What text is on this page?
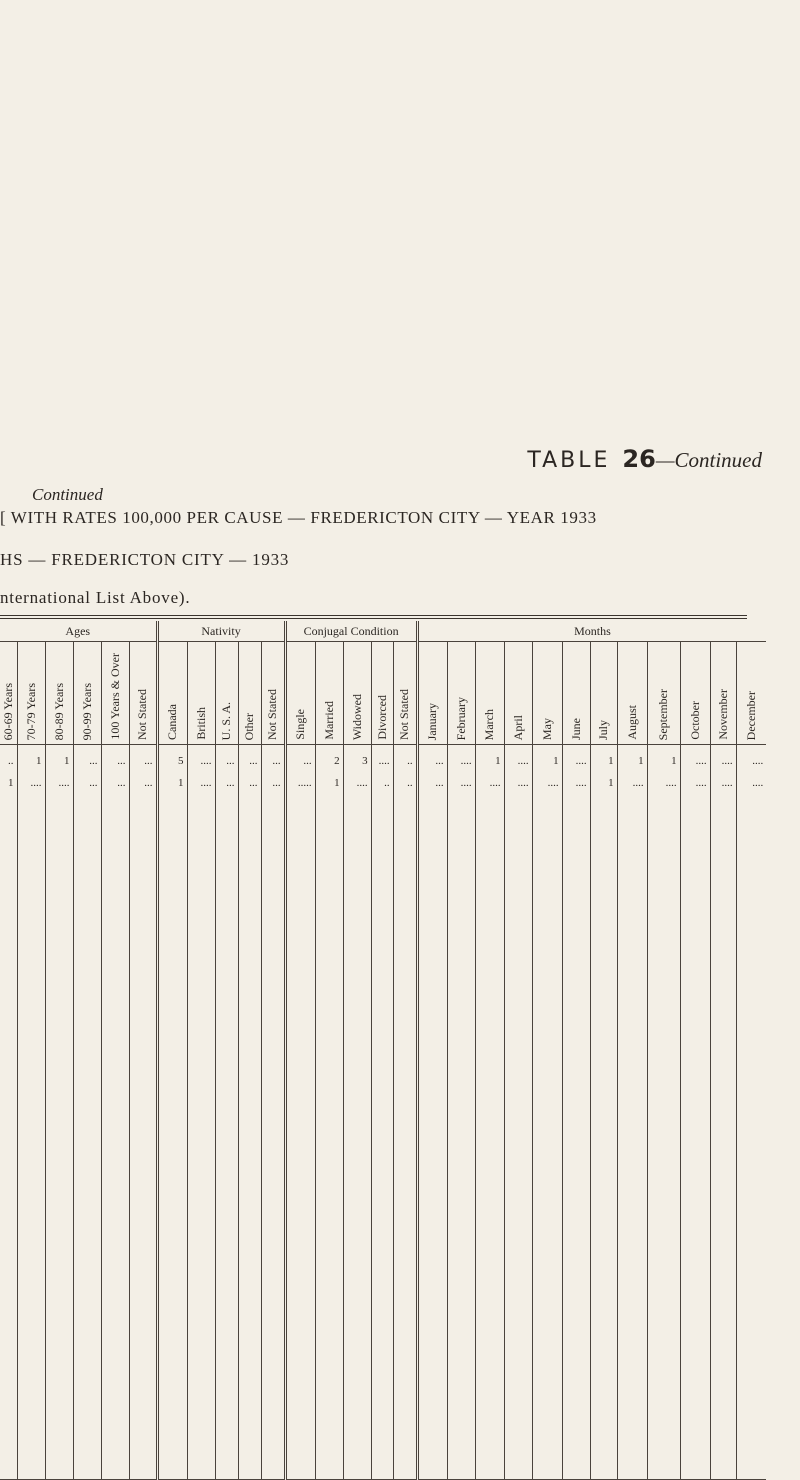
TABLE 26—Continued
Continued
[ WITH RATES 100,000 PER CAUSE — FREDERICTON CITY — YEAR 1933
HS — FREDERICTON CITY — 1933
nternational List Above).
Ages						Nativity					Conjugal Condition					Months											
60-69 Years	70-79 Years	80-89 Years	90-99 Years	100 Years & Over	Not Stated	Canada	British	U. S. A.	Other	Not Stated	Single	Married	Widowed	Divorced	Not Stated	January	February	March	April	May	June	July	August	September	October	November	December
..	1	1	...	...	...	5	....	...	...	...	...	2	3	....	..	...	....	1	....	1	....	1	1	1	....	....	....
1	....	....	...	...	...	1	....	...	...	...	.....	1	....	..	..	...	....	....	....	....	....	1	....	....	....	....	....
